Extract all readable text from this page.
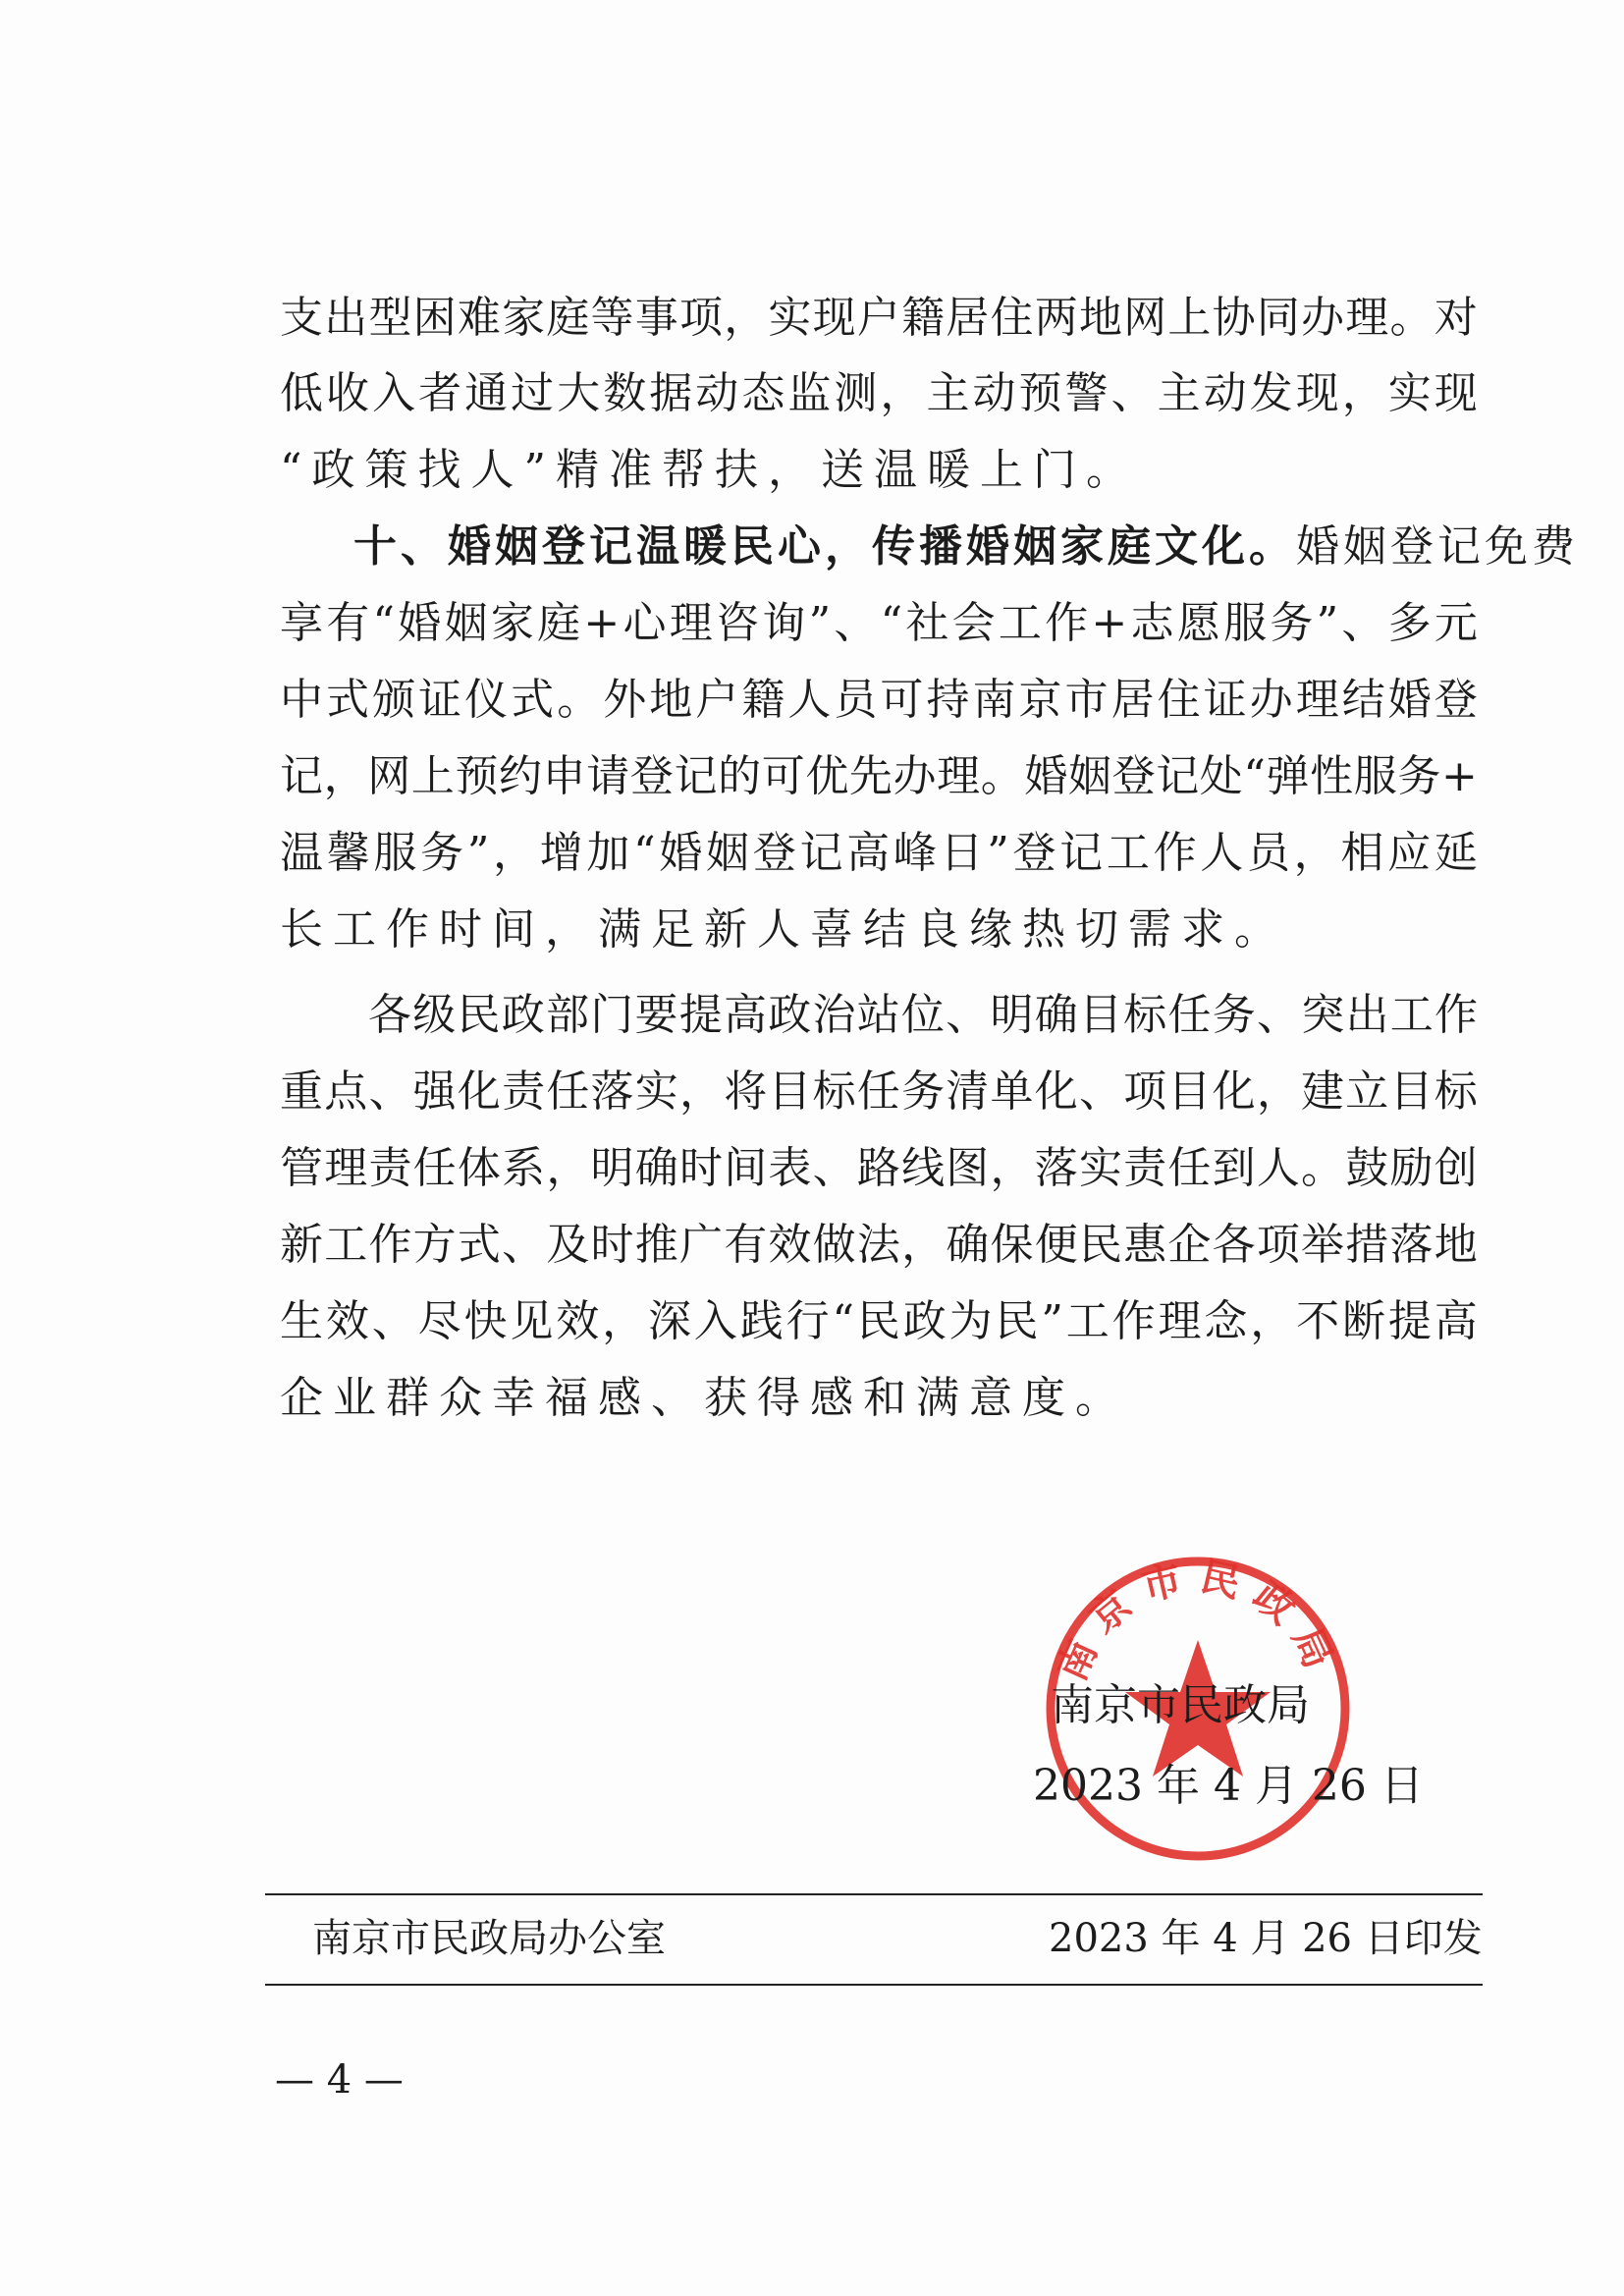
支 出 型 困 难 家 庭 等 事 项 ， 实 现 户 籍 居 住 两 地 网 上 协 同 办 理 。 对
低 收 入 者 通 过 大 数 据 动 态 监 测 ， 主 动 预 警 、 主 动 发 现 ， 实 现
“政策找人”精准帮扶，送温暖上门。
十、婚姻登记温暖民心，传播婚姻家庭文化。 婚姻登记免费
享 有 “ 婚 姻 家 庭 + 心 理 咨 询 ” 、 “ 社 会 工 作 + 志 愿 服 务 ” 、 多 元
中 式 颁 证 仪 式 。 外 地 户 籍 人 员 可 持 南 京 市 居 住 证 办 理 结 婚 登
记 ， 网 上 预 约 申 请 登 记 的 可 优 先 办 理 。 婚 姻 登 记 处 “ 弹 性 服 务 +
温 馨 服 务 ” ， 增 加 “ 婚 姻 登 记 高 峰 日 ” 登 记 工 作 人 员 ， 相 应 延
长工作时间，满足新人喜结良缘热切需求。
各 级 民 政 部 门 要 提 高 政 治 站 位 、 明 确 目 标 任 务 、 突 出 工 作
重 点 、 强 化 责 任 落 实 ， 将 目 标 任 务 清 单 化 、 项 目 化 ， 建 立 目 标
管 理 责 任 体 系 ， 明 确 时 间 表 、 路 线 图 ， 落 实 责 任 到 人 。 鼓 励 创
新 工 作 方 式 、 及 时 推 广 有 效 做 法 ， 确 保 便 民 惠 企 各 项 举 措 落 地
生 效 、 尽 快 见 效 ， 深 入 践 行 “ 民 政 为 民 ” 工 作 理 念 ， 不 断 提 高
企业群众幸福感、获得感和满意度。
南京市民政局
南京市民政局
2023 年 4 月 26 日
南京市民政局办公室	2023 年 4 月 26 日印发
— 4 —
